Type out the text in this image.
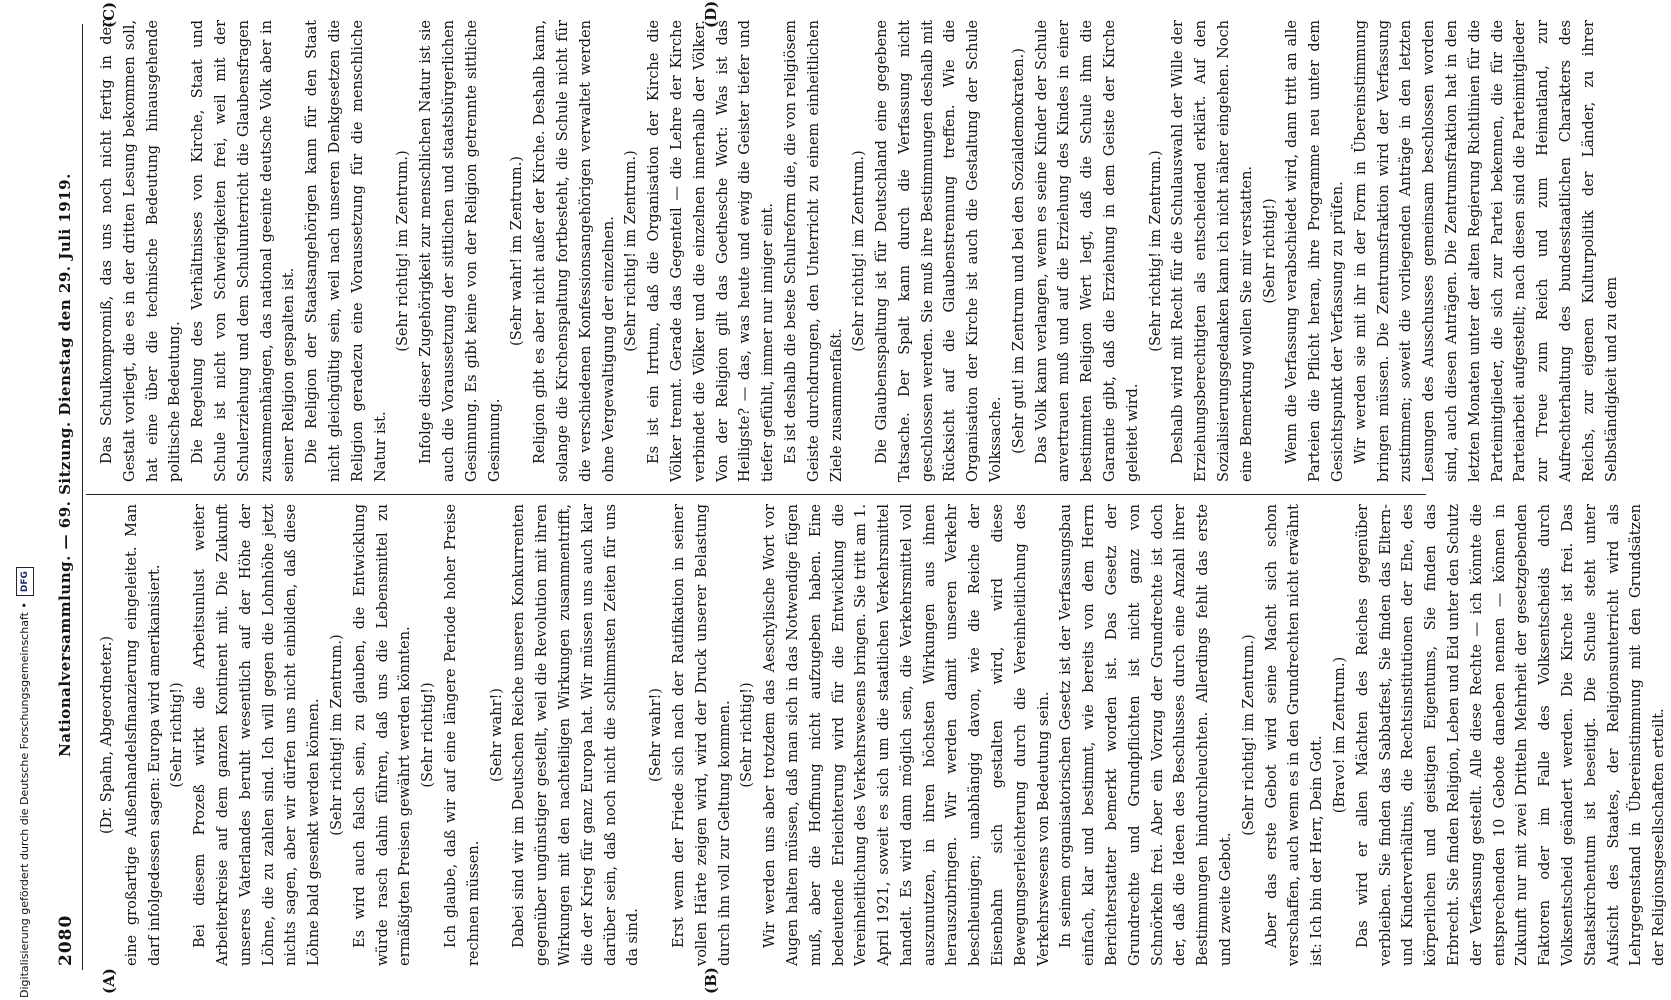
2080
Nationalversammlung. — 69. Sitzung. Dienstag den 29. Juli 1919.
(A)	(B)
(C)	(D)

(Dr. Spahn, Abgeordneter.) eine großartige Außenhandelsfinanzierung eingeleitet. Man darf infolgedessen sagen: Europa wird amerikanisiert. (Sehr richtig!) Bei diesem Prozeß wirkt die Arbeitsunlust weiter Arbeiterkreise auf dem ganzen Kontinent mit. Die Zukunft unseres Vaterlandes beruht wesentlich auf der Höhe der Löhne, die zu zahlen sind. Ich will gegen die Lohnhöhe jetzt nichts sagen, aber wir dürfen uns nicht einbilden, daß diese Löhne bald gesenkt werden können. (Sehr richtig! im Zentrum.) Es wird auch falsch sein, zu glauben, die Entwicklung würde rasch dahin führen, daß uns die Lebensmittel zu ermäßigten Preisen gewährt werden könnten. (Sehr richtig!) Ich glaube, daß wir auf eine längere Periode hoher Preise rechnen müssen.

(Sehr wahr!) Dabei sind wir im Deutschen Reiche unseren Konkurrenten gegenüber ungünstiger gestellt, weil die Revolution mit ihren Wirkungen mit den nachteiligen Wirkungen zusammentrifft, die der Krieg für ganz Europa hat. Wir müssen uns auch klar darüber sein, daß noch nicht die schlimmsten Zeiten für uns da sind.

(Sehr wahr!) Erst wenn der Friede sich nach der Ratifikation in seiner vollen Härte zeigen wird, wird der Druck unserer Belastung durch ihn voll zur Geltung kommen. (Sehr richtig!) Wir werden uns aber trotzdem das Aeschylische Wort vor Augen halten müssen, daß man sich in das Notwendige fügen muß, aber die Hoffnung nicht aufzugeben haben. Eine bedeutende Erleichterung wird für die Entwicklung die Vereinheitlichung des Verkehrswesens bringen. Sie tritt am 1. April 1921, soweit es sich um die staatlichen Verkehrsmittel handelt. Es wird dann möglich sein, die Verkehrsmittel voll auszunutzen, in ihren höchsten Wirkungen aus ihnen herauszubringen. Wir werden damit unseren Verkehr beschleunigen; unabhängig davon, wie die Reiche der Eisenbahn sich gestalten wird, wird diese Bewegungserleichterung durch die Vereinheitlichung des Verkehrswesens von Bedeutung sein. In seinem organisatorischen Gesetz ist der Verfassungsbau einfach, klar und bestimmt, wie bereits von dem Herrn Berichterstatter bemerkt worden ist. Das Gesetz der Grundrechte und Grundpflichten ist nicht ganz von Schnörkeln frei. Aber ein Vorzug der Grundrechte ist doch der, daß die Ideen des Beschlusses durch eine Anzahl ihrer Bestimmungen hindurchleuchten. Allerdings fehlt das erste und zweite Gebot.

(Sehr richtig! im Zentrum.) Aber das erste Gebot wird seine Macht sich schon verschaffen, auch wenn es in den Grundrechten nicht erwähnt ist: Ich bin der Herr, Dein Gott.

(Bravo! im Zentrum.) Das wird er allen Mächten des Reiches gegenüber verbleiben. Sie finden das Sabbatfest, Sie finden das Eltern- und Kinderverhältnis, die Rechtsinstitutionen der Ehe, des körperlichen und geistigen Eigentums, Sie finden das Erbrecht. Sie finden Religion, Leben und Eid unter den Schutz der Verfassung gestellt. Alle diese Rechte — ich könnte die entsprechenden 10 Gebote daneben nennen — können in Zukunft nur mit zwei Dritteln Mehrheit der gesetzgebenden Faktoren oder im Falle des Volksentscheids durch Volksentscheid geändert werden. Die Kirche ist frei. Das Staatskirchentum ist beseitigt. Die Schule steht unter Aufsicht des Staates, der Religionsunterricht wird als Lehrgegenstand in Übereinstimmung mit den Grundsätzen der Religionsgesellschaften erteilt.

Das Schulkompromiß, das uns noch nicht fertig in der Gestalt vorliegt, die es in der dritten Lesung bekommen soll, hat eine über die technische Bedeutung hinausgehende politische Bedeutung. Die Regelung des Verhältnisses von Kirche, Staat und Schule ist nicht von Schwierigkeiten frei, weil mit der Schulerziehung und dem Schulunterricht die Glaubensfragen zusammenhängen, das national geeinte deutsche Volk aber in seiner Religion gespalten ist. Die Religion der Staatsangehörigen kann für den Staat nicht gleichgültig sein, weil nach unseren Denkgesetzen die Religion geradezu eine Voraussetzung für die menschliche Natur ist.

(Sehr richtig! im Zentrum.) Infolge dieser Zugehörigkeit zur menschlichen Natur ist sie auch die Voraussetzung der sittlichen und staatsbürgerlichen Gesinnung. Es gibt keine von der Religion getrennte sittliche Gesinnung.

(Sehr wahr! im Zentrum.) Religion gibt es aber nicht außer der Kirche. Deshalb kann, solange die Kirchenspaltung fortbesteht, die Schule nicht für die verschiedenen Konfessionsangehörigen verwaltet werden ohne Vergewaltigung der einzelnen. (Sehr richtig! im Zentrum.) Es ist ein Irrtum, daß die Organisation der Kirche die Völker trennt. Gerade das Gegenteil — die Lehre der Kirche verbindet die Völker und die einzelnen innerhalb der Völker. Von der Religion gilt das Goethesche Wort: Was ist das Heiligste? — das, was heute und ewig die Geister tiefer und tiefer gefühlt, immer nur inniger eint. Es ist deshalb die beste Schulreform die, die von religiösem Geiste durchdrungen, den Unterricht zu einem einheitlichen Ziele zusammenfaßt.

(Sehr richtig! im Zentrum.) Die Glaubensspaltung ist für Deutschland eine gegebene Tatsache. Der Spalt kann durch die Verfassung nicht geschlossen werden. Sie muß ihre Bestimmungen deshalb mit Rücksicht auf die Glaubenstrennung treffen. Wie die Organisation der Kirche ist auch die Gestaltung der Schule Volkssache. (Sehr gut! im Zentrum und bei den Sozialdemokraten.) Das Volk kann verlangen, wenn es seine Kinder der Schule anvertrauen muß und auf die Erziehung des Kindes in einer bestimmten Religion Wert legt, daß die Schule ihm die Garantie gibt, daß die Erziehung in dem Geiste der Kirche geleitet wird.

(Sehr richtig! im Zentrum.) Deshalb wird mit Recht für die Schulauswahl der Wille der Erziehungsberechtigten als entscheidend erklärt. Auf den Sozialisierungsgedanken kann ich nicht näher eingehen. Noch eine Bemerkung wollen Sie mir verstatten. (Sehr richtig!) Wenn die Verfassung verabschiedet wird, dann tritt an alle Parteien die Pflicht heran, ihre Programme neu unter dem Gesichtspunkt der Verfassung zu prüfen. Wir werden sie mit ihr in der Form in Übereinstimmung bringen müssen. Die Zentrumsfraktion wird der Verfassung zustimmen; soweit die vorliegenden Anträge in den letzten Lesungen des Ausschusses gemeinsam beschlossen worden sind, auch diesen Anträgen. Die Zentrumsfraktion hat in den letzten Monaten unter der alten Regierung Richtlinien für die Parteimitglieder, die sich zur Partei bekennen, die für die Parteiarbeit aufgestellt; nach diesen sind die Parteimitglieder zur Treue zum Reich und zum Heimatland, zur Aufrechterhaltung des bundesstaatlichen Charakters des Reichs, zur eigenen Kulturpolitik der Länder, zu ihrer Selbständigkeit und zu dem

Digitalisierung gefördert durch die Deutsche Forschungsgemeinschaft •
DFG
